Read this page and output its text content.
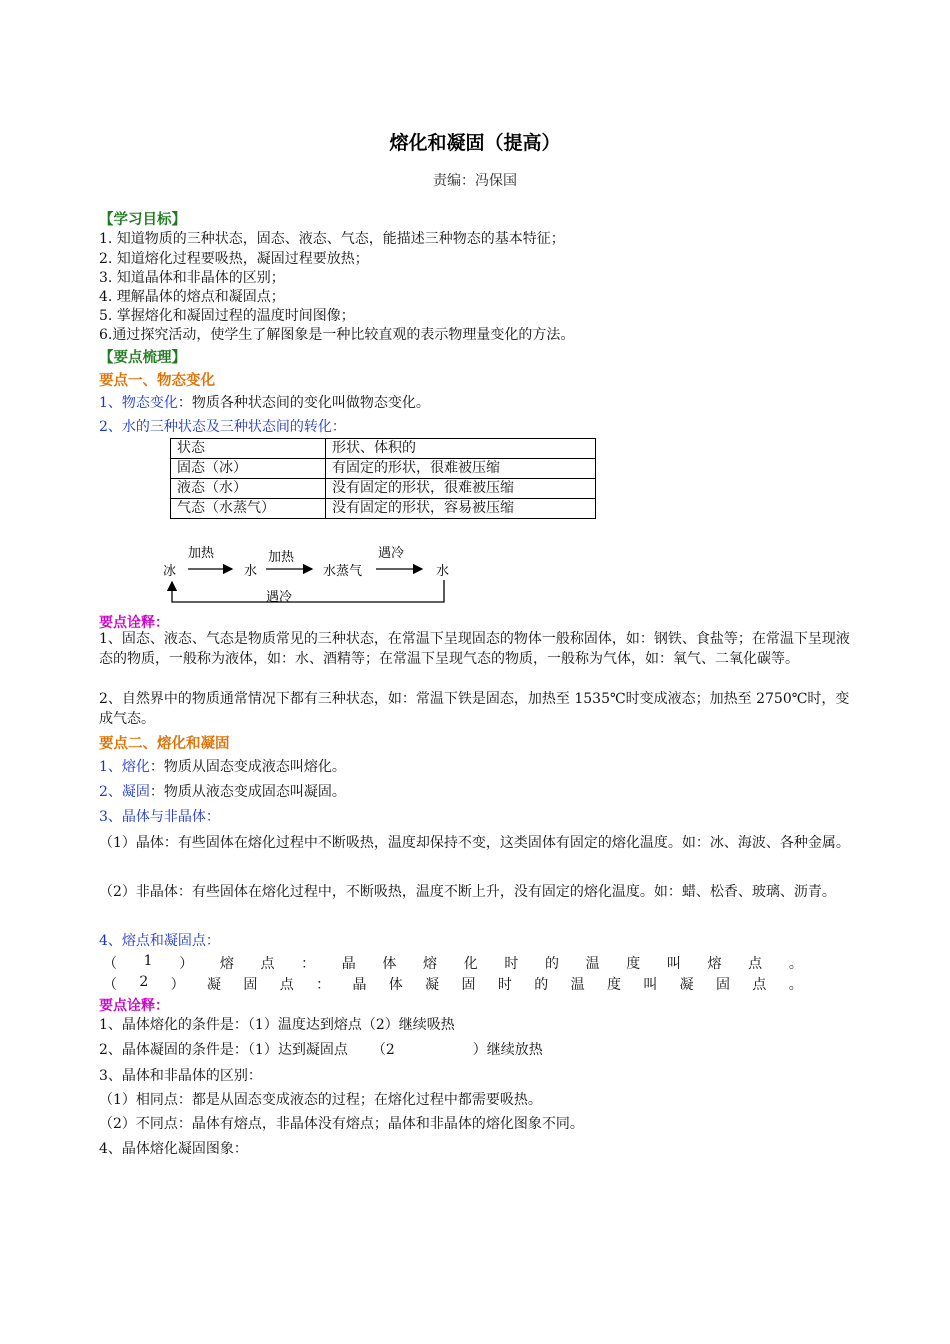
熔化和凝固（提高）
责编：冯保国
【学习目标】
1. 知道物质的三种状态，固态、液态、气态，能描述三种物态的基本特征；
2. 知道熔化过程要吸热，凝固过程要放热；
3. 知道晶体和非晶体的区别；
4. 理解晶体的熔点和凝固点；
5. 掌握熔化和凝固过程的温度时间图像；
6.通过探究活动，使学生了解图象是一种比较直观的表示物理量变化的方法。
【要点梳理】
要点一、物态变化
1、物态变化：物质各种状态间的变化叫做物态变化。
2、水的三种状态及三种状态间的转化：
状态	形状、体积的
固态（冰）	有固定的形状，很难被压缩
液态（水）	没有固定的形状，很难被压缩
气态（水蒸气）	没有固定的形状，容易被压缩
加热	加热	遇冷
冰	水	水蒸气	水
遇冷
要点诠释：
1、固态、液态、气态是物质常见的三种状态，在常温下呈现固态的物体一般称固体，如：钢铁、食盐等；在常温下呈现液态的物质，一般称为液体，如：水、酒精等；在常温下呈现气态的物质，一般称为气体，如：氧气、二氧化碳等。
2、自然界中的物质通常情况下都有三种状态，如：常温下铁是固态，加热至 1535℃时变成液态；加热至 2750℃时，变成气态。
要点二、熔化和凝固
1、熔化：物质从固态变成液态叫熔化。
2、凝固：物质从液态变成固态叫凝固。
3、晶体与非晶体：
（1）晶体：有些固体在熔化过程中不断吸热，温度却保持不变，这类固体有固定的熔化温度。如：冰、海波、各种金属。
（2）非晶体：有些固体在熔化过程中，不断吸热，温度不断上升，没有固定的熔化温度。如：蜡、松香、玻璃、沥青。
4、熔点和凝固点：
（ 1 ） 熔 点 ： 晶 体 熔 化 时 的 温 度 叫 熔 点 。
（ 2 ） 凝 固 点 ： 晶 体 凝 固 时 的 温 度 叫 凝 固 点 。
要点诠释：
1、晶体熔化的条件是：（1）温度达到熔点（2）继续吸热
2、晶体凝固的条件是：（1）达到凝固点 （2	）继续放热
3、晶体和非晶体的区别：
（1）相同点：都是从固态变成液态的过程；在熔化过程中都需要吸热。
（2）不同点：晶体有熔点，非晶体没有熔点；晶体和非晶体的熔化图象不同。
4、晶体熔化凝固图象：
